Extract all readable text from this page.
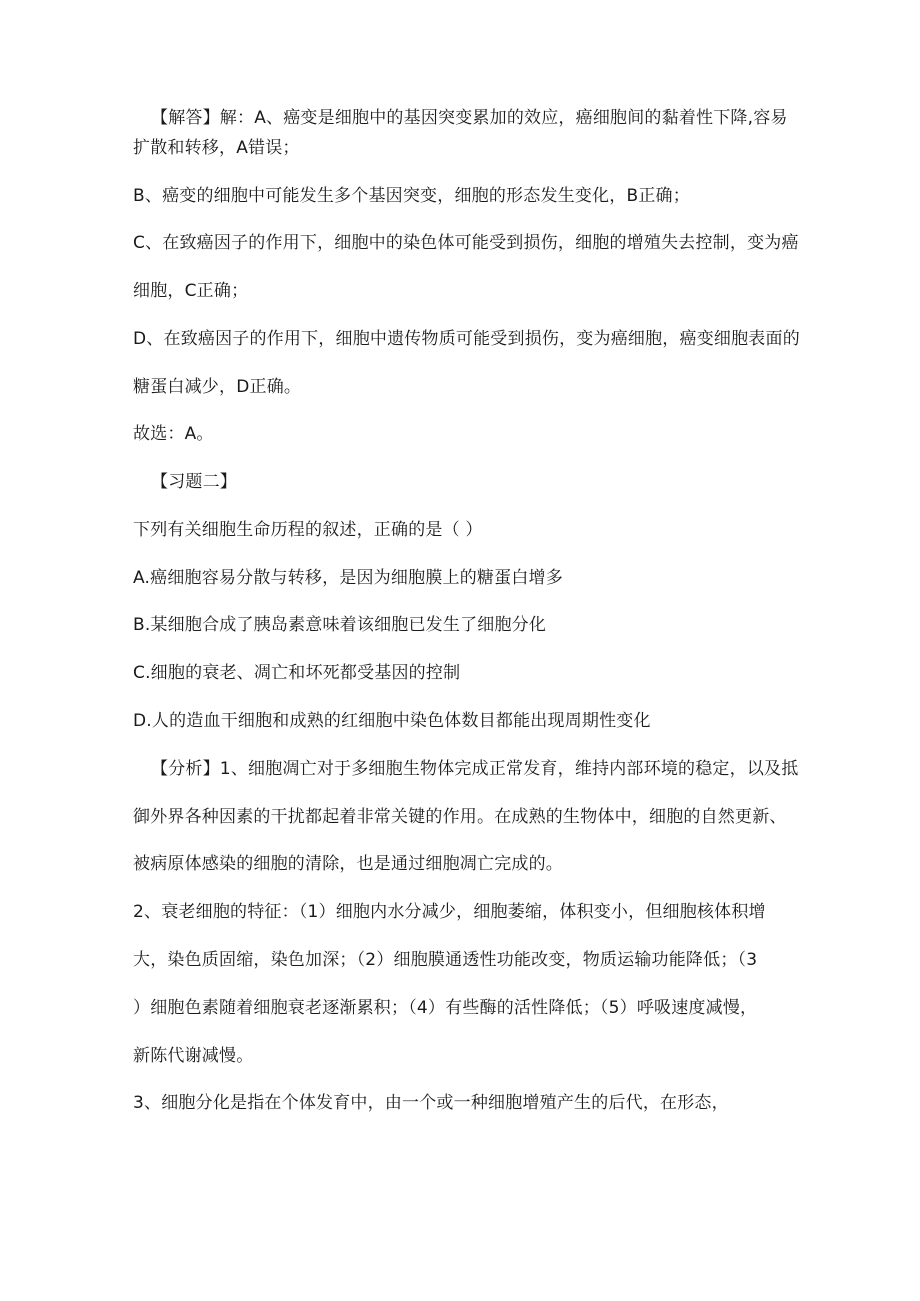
【解答】解：A、癌变是细胞中的基因突变累加的效应，癌细胞间的黏着性下降,容易
扩散和转移，A错误；
B、癌变的细胞中可能发生多个基因突变，细胞的形态发生变化，B正确；
C、在致癌因子的作用下，细胞中的染色体可能受到损伤，细胞的增殖失去控制，变为癌
细胞，C正确；
D、在致癌因子的作用下，细胞中遗传物质可能受到损伤，变为癌细胞，癌变细胞表面的
糖蛋白减少，D正确。
故选：A。
【习题二】
下列有关细胞生命历程的叙述，正确的是（ ）
A.癌细胞容易分散与转移，是因为细胞膜上的糖蛋白增多
B.某细胞合成了胰岛素意味着该细胞已发生了细胞分化
C.细胞的衰老、凋亡和坏死都受基因的控制
D.人的造血干细胞和成熟的红细胞中染色体数目都能出现周期性变化
【分析】1、细胞凋亡对于多细胞生物体完成正常发育，维持内部环境的稳定，以及抵
御外界各种因素的干扰都起着非常关键的作用。在成熟的生物体中，细胞的自然更新、
被病原体感染的细胞的清除，也是通过细胞凋亡完成的。
2、衰老细胞的特征：（1）细胞内水分减少，细胞萎缩，体积变小，但细胞核体积增
大，染色质固缩，染色加深；（2）细胞膜通透性功能改变，物质运输功能降低；（3
）细胞色素随着细胞衰老逐渐累积；（4）有些酶的活性降低；（5）呼吸速度减慢，
新陈代谢减慢。
3、细胞分化是指在个体发育中，由一个或一种细胞增殖产生的后代，在形态，
